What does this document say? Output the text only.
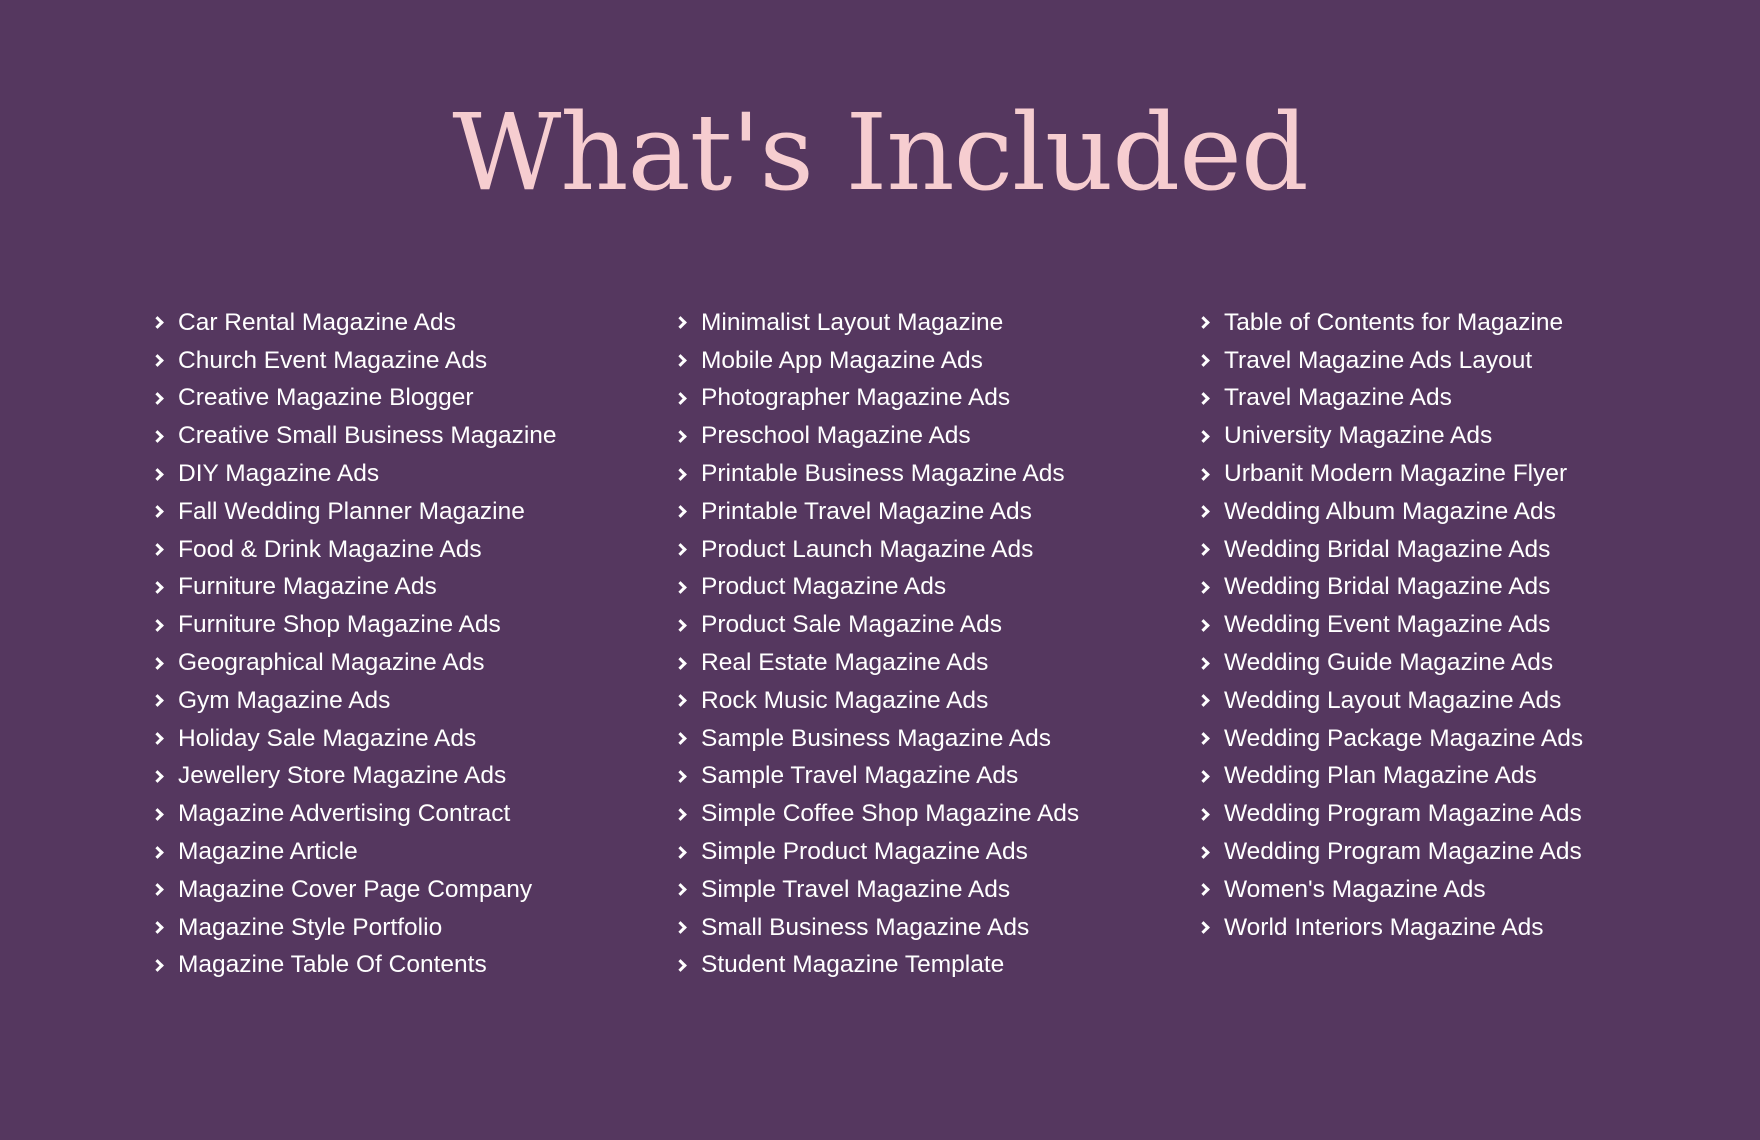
What's Included
Car Rental Magazine Ads
Church Event Magazine Ads
Creative Magazine Blogger
Creative Small Business Magazine
DIY Magazine Ads
Fall Wedding Planner Magazine
Food & Drink Magazine Ads
Furniture Magazine Ads
Furniture Shop Magazine Ads
Geographical Magazine Ads
Gym Magazine Ads
Holiday Sale Magazine Ads
Jewellery Store Magazine Ads
Magazine Advertising Contract
Magazine Article
Magazine Cover Page Company
Magazine Style Portfolio
Magazine Table Of Contents
Minimalist Layout Magazine
Mobile App Magazine Ads
Photographer Magazine Ads
Preschool Magazine Ads
Printable Business Magazine Ads
Printable Travel Magazine Ads
Product Launch Magazine Ads
Product Magazine Ads
Product Sale Magazine Ads
Real Estate Magazine Ads
Rock Music Magazine Ads
Sample Business Magazine Ads
Sample Travel Magazine Ads
Simple Coffee Shop Magazine Ads
Simple Product Magazine Ads
Simple Travel Magazine Ads
Small Business Magazine Ads
Student Magazine Template
Table of Contents for Magazine
Travel Magazine Ads Layout
Travel Magazine Ads
University Magazine Ads
Urbanit Modern Magazine Flyer
Wedding Album Magazine Ads
Wedding Bridal Magazine Ads
Wedding Bridal Magazine Ads
Wedding Event Magazine Ads
Wedding Guide Magazine Ads
Wedding Layout Magazine Ads
Wedding Package Magazine Ads
Wedding Plan Magazine Ads
Wedding Program Magazine Ads
Wedding Program Magazine Ads
Women's Magazine Ads
World Interiors Magazine Ads
